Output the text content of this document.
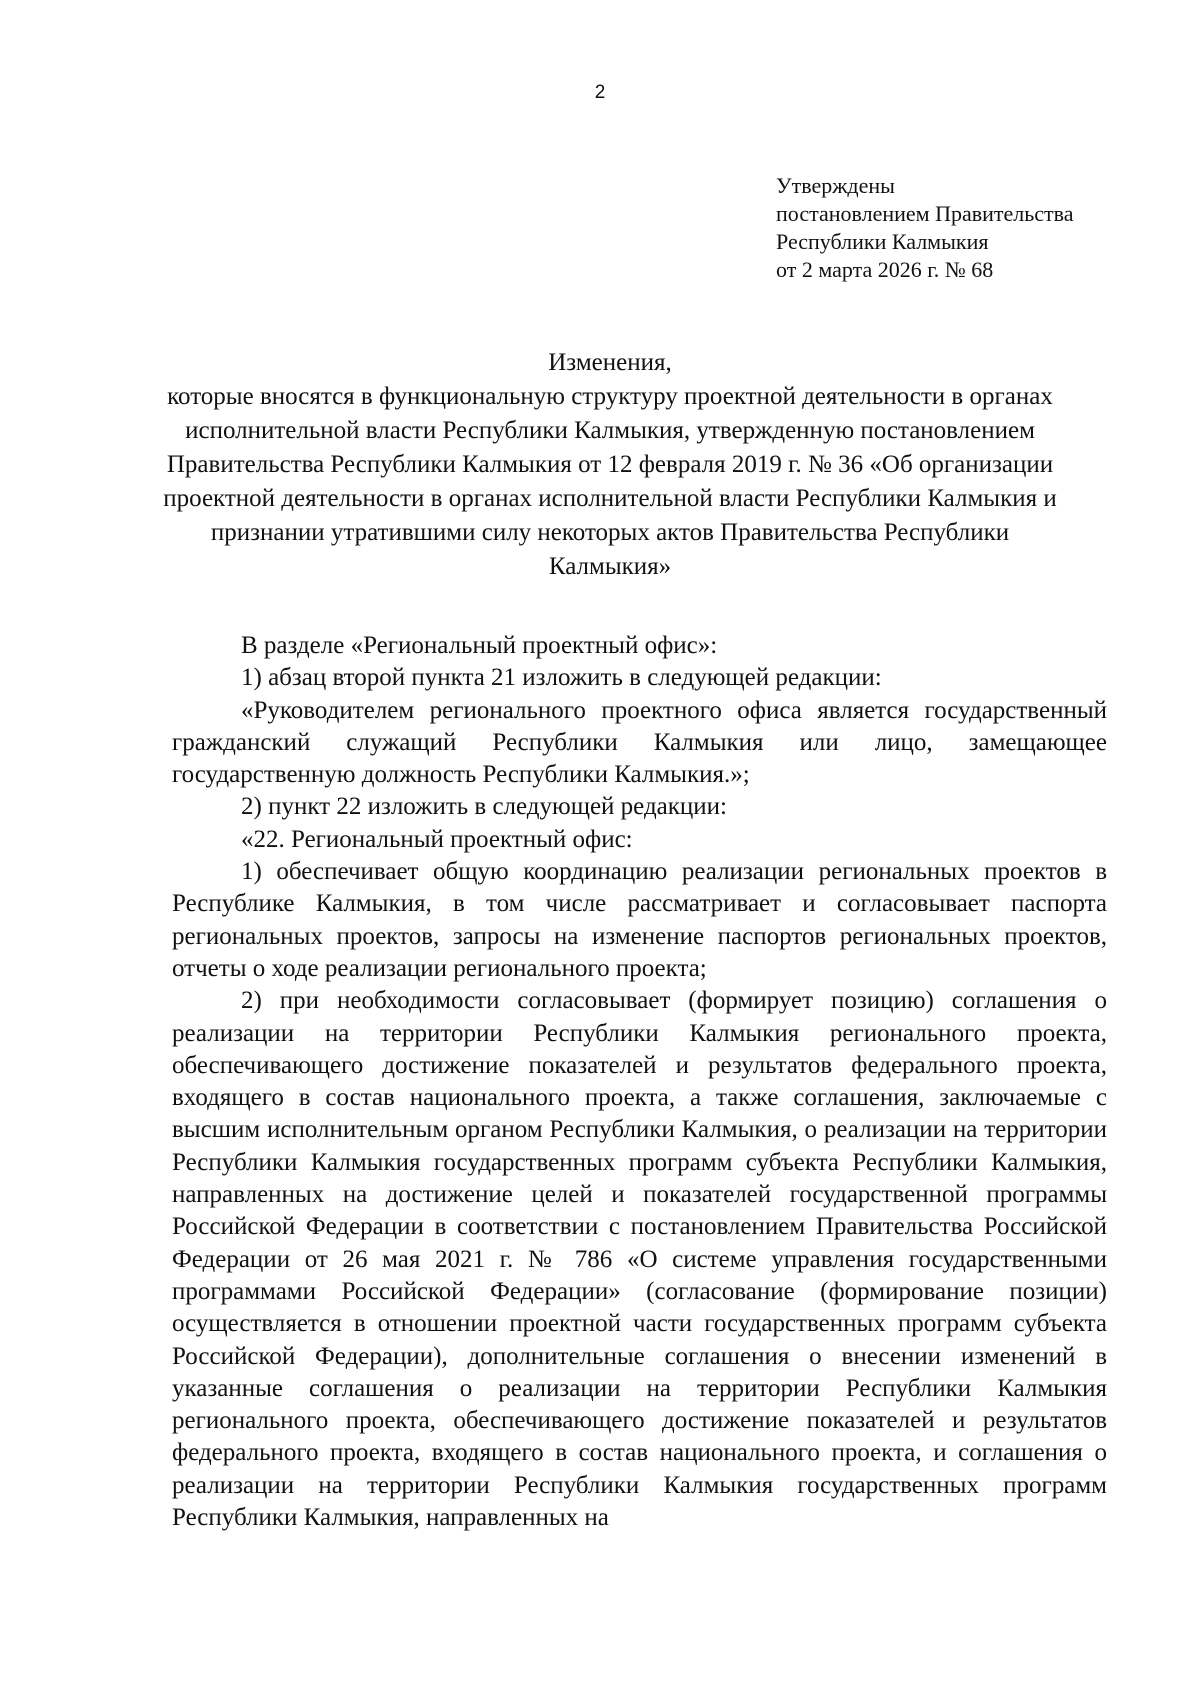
2
Утверждены
постановлением Правительства
Республики Калмыкия
от 2 марта 2026 г. № 68
Изменения,
которые вносятся в функциональную структуру проектной деятельности в органах исполнительной власти Республики Калмыкия, утвержденную постановлением Правительства Республики Калмыкия от 12 февраля 2019 г. № 36 «Об организации проектной деятельности в органах исполнительной власти Республики Калмыкия и признании утратившими силу некоторых актов Правительства Республики Калмыкия»

В разделе «Региональный проектный офис»:

1) абзац второй пункта 21 изложить в следующей редакции:

«Руководителем регионального проектного офиса является государственный гражданский служащий Республики Калмыкия или лицо, замещающее государственную должность Республики Калмыкия.»;

2) пункт 22 изложить в следующей редакции:

«22. Региональный проектный офис:

1) обеспечивает общую координацию реализации региональных проектов в Республике Калмыкия, в том числе рассматривает и согласовывает паспорта региональных проектов, запросы на изменение паспортов региональных проектов, отчеты о ходе реализации регионального проекта;

2) при необходимости согласовывает (формирует позицию) соглашения о реализации на территории Республики Калмыкия регионального проекта, обеспечивающего достижение показателей и результатов федерального проекта, входящего в состав национального проекта, а также соглашения, заключаемые с высшим исполнительным органом Республики Калмыкия, о реализации на территории Республики Калмыкия государственных программ субъекта Республики Калмыкия, направленных на достижение целей и показателей государственной программы Российской Федерации в соответствии с постановлением Правительства Российской Федерации от 26 мая 2021 г. № 786 «О системе управления государственными программами Российской Федерации» (согласование (формирование позиции) осуществляется в отношении проектной части государственных программ субъекта Российской Федерации), дополнительные соглашения о внесении изменений в указанные соглашения о реализации на территории Республики Калмыкия регионального проекта, обеспечивающего достижение показателей и результатов федерального проекта, входящего в состав национального проекта, и соглашения о реализации на территории Республики Калмыкия государственных программ Республики Калмыкия, направленных на
